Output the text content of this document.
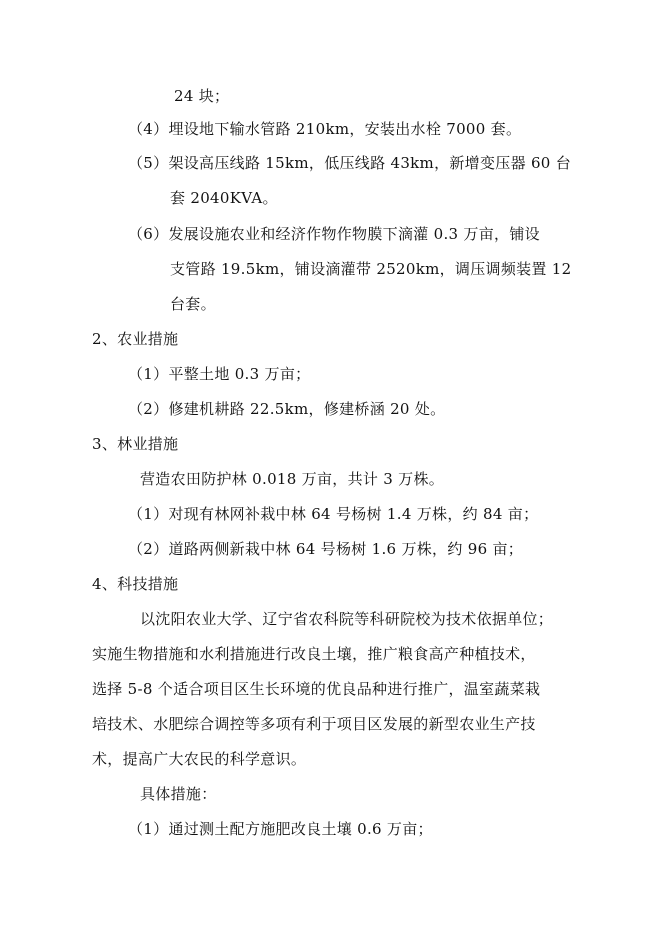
24 块；
（4）埋设地下输水管路 210km，安装出水栓 7000 套。
（5）架设高压线路 15km，低压线路 43km，新增变压器 60 台
套 2040KVA。
（6）发展设施农业和经济作物作物膜下滴灌 0.3 万亩，铺设
支管路 19.5km，铺设滴灌带 2520km，调压调频装置 12
台套。
2、农业措施
（1）平整土地 0.3 万亩；
（2）修建机耕路 22.5km，修建桥涵 20 处。
3、林业措施
营造农田防护林 0.018 万亩，共计 3 万株。
（1）对现有林网补栽中林 64 号杨树 1.4 万株，约 84 亩；
（2）道路两侧新栽中林 64 号杨树 1.6 万株，约 96 亩；
4、科技措施
以沈阳农业大学、辽宁省农科院等科研院校为技术依据单位；
实施生物措施和水利措施进行改良土壤，推广粮食高产种植技术，
选择 5-8 个适合项目区生长环境的优良品种进行推广，温室蔬菜栽
培技术、水肥综合调控等多项有利于项目区发展的新型农业生产技
术，提高广大农民的科学意识。
具体措施：
（1）通过测土配方施肥改良土壤 0.6 万亩；
